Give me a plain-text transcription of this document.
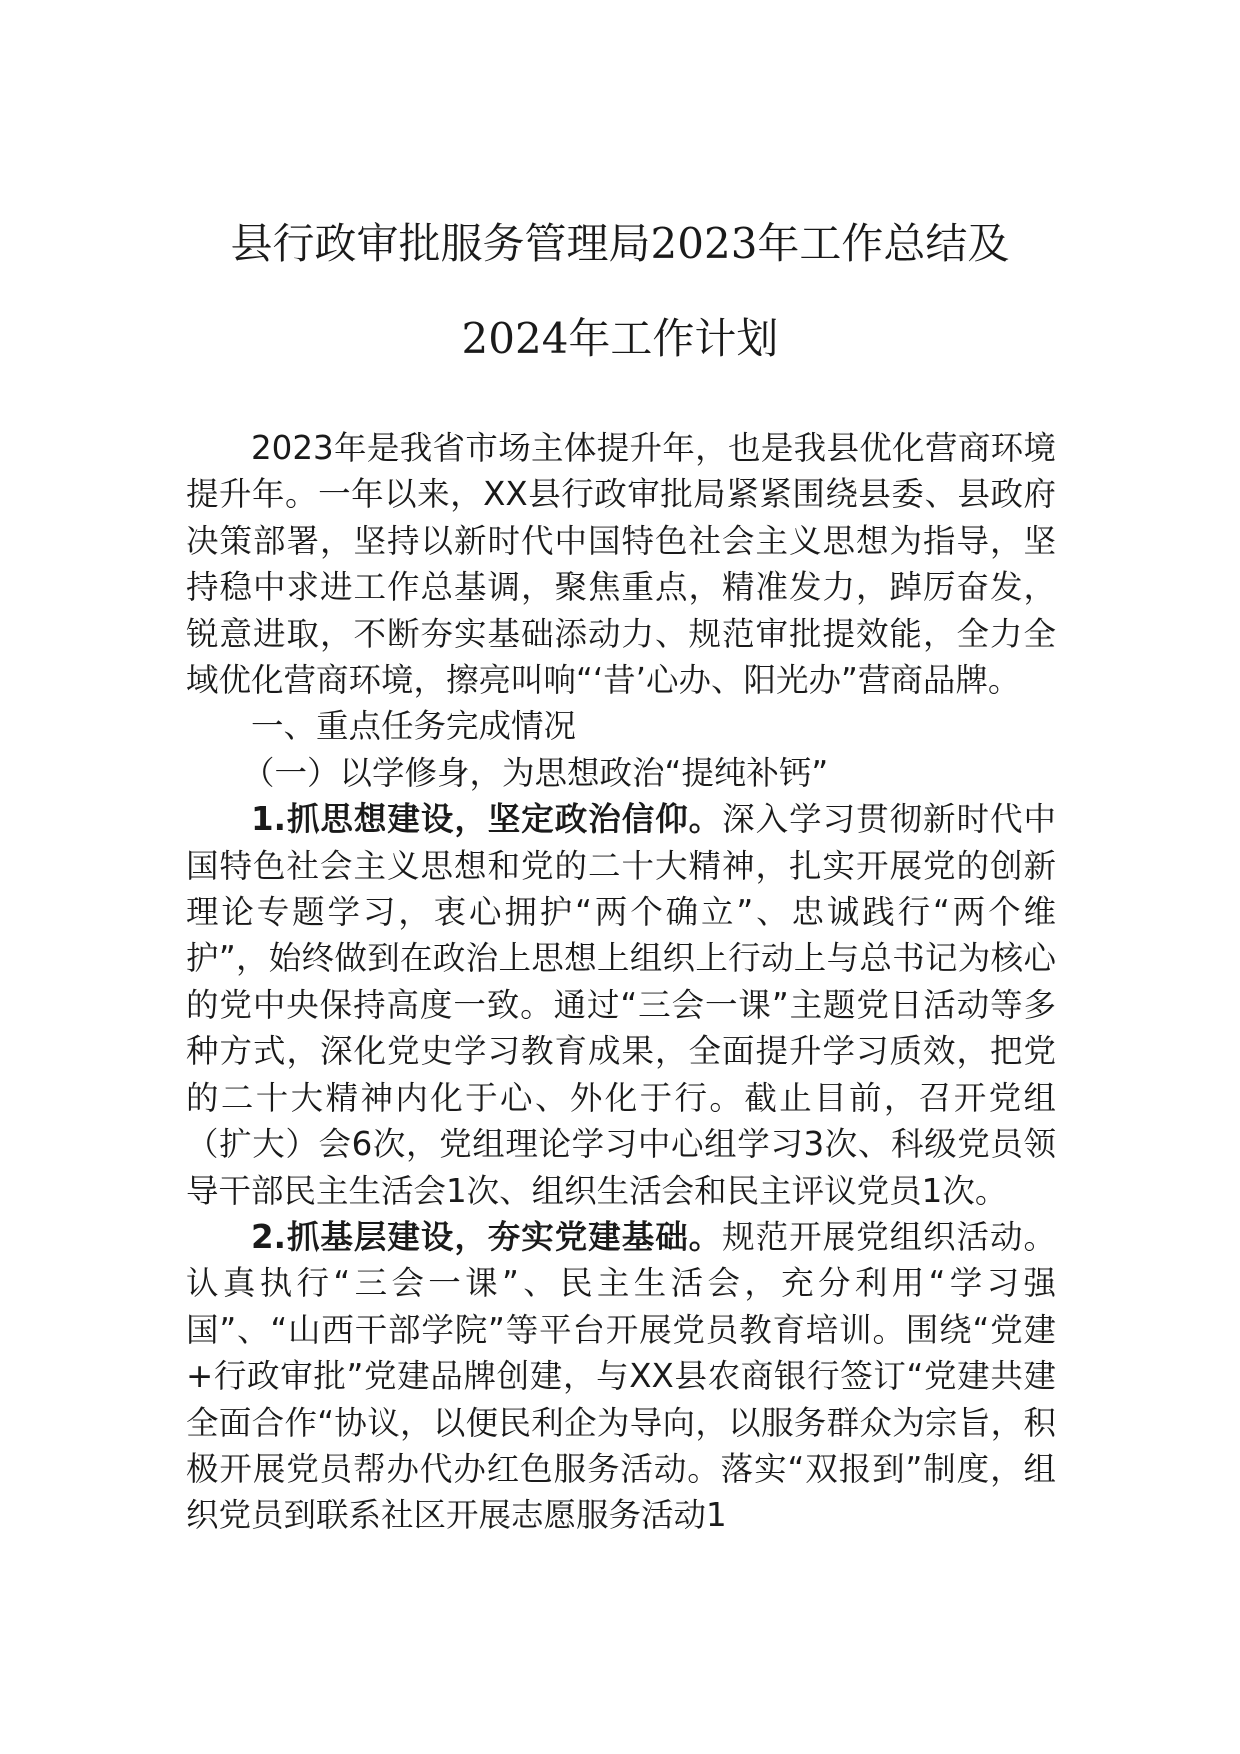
县行政审批服务管理局2023年工作总结及
2024年工作计划

2023年是我省市场主体提升年，也是我县优化营商环境提升年。一年以来，XX县行政审批局紧紧围绕县委、县政府决策部署，坚持以新时代中国特色社会主义思想为指导，坚持稳中求进工作总基调，聚焦重点，精准发力，踔厉奋发，锐意进取，不断夯实基础添动力、规范审批提效能，全力全域优化营商环境，擦亮叫响“‘昔’心办、阳光办”营商品牌。

一、重点任务完成情况

（一）以学修身，为思想政治“提纯补钙”

1.抓思想建设，坚定政治信仰。深入学习贯彻新时代中国特色社会主义思想和党的二十大精神，扎实开展党的创新理论专题学习，衷心拥护“两个确立”、忠诚践行“两个维护”，始终做到在政治上思想上组织上行动上与总书记为核心的党中央保持高度一致。通过“三会一课”主题党日活动等多种方式，深化党史学习教育成果，全面提升学习质效，把党的二十大精神内化于心、外化于行。截止目前，召开党组（扩大）会6次，党组理论学习中心组学习3次、科级党员领导干部民主生活会1次、组织生活会和民主评议党员1次。

2.抓基层建设，夯实党建基础。规范开展党组织活动。认真执行“三会一课”、民主生活会，充分利用“学习强国”、“山西干部学院”等平台开展党员教育培训。围绕“党建+行政审批”党建品牌创建，与XX县农商银行签订“党建共建全面合作“协议，以便民利企为导向，以服务群众为宗旨，积极开展党员帮办代办红色服务活动。落实“双报到”制度，组织党员到联系社区开展志愿服务活动1
